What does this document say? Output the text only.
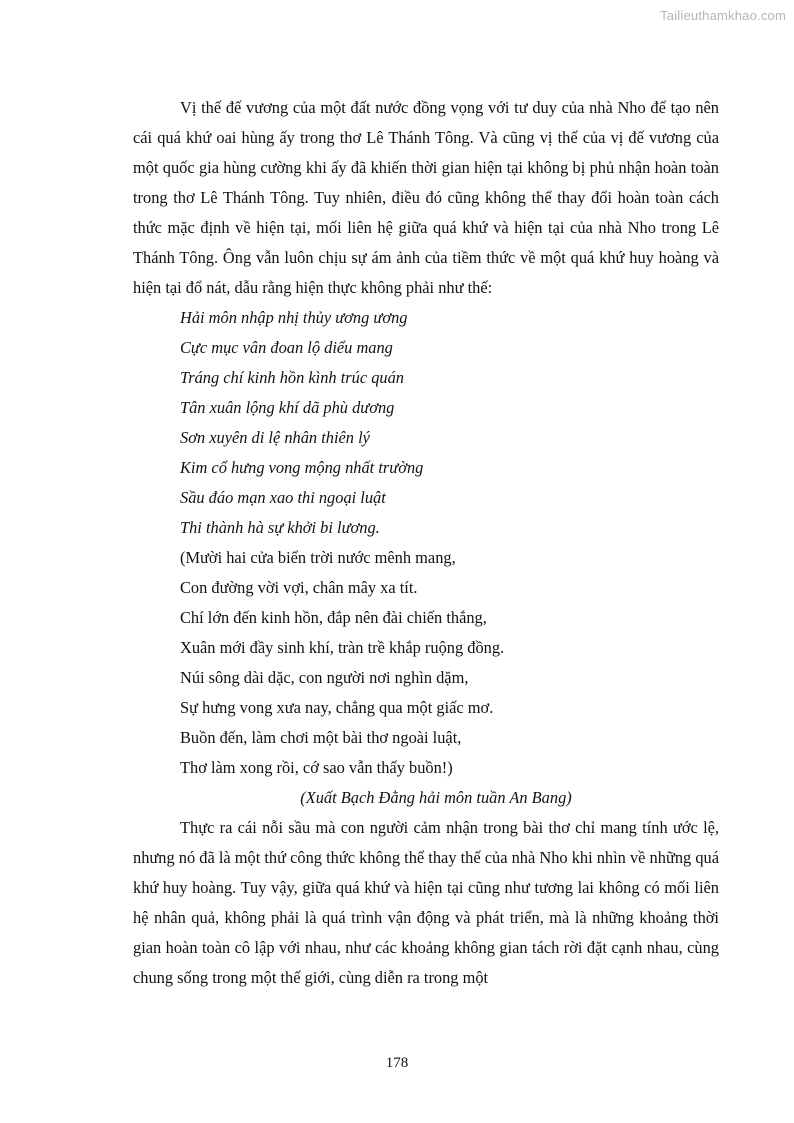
Tailieuthamkhao.com

Vị thế đế vương của một đất nước đồng vọng với tư duy của nhà Nho để tạo nên cái quá khứ oai hùng ấy trong thơ Lê Thánh Tông. Và cũng vị thế của vị đế vương của một quốc gia hùng cường khi ấy đã khiến thời gian hiện tại không bị phủ nhận hoàn toàn trong thơ Lê Thánh Tông. Tuy nhiên, điều đó cũng không thể thay đổi hoàn toàn cách thức mặc định về hiện tại, mối liên hệ giữa quá khứ và hiện tại của nhà Nho trong Lê Thánh Tông. Ông vẫn luôn chịu sự ám ảnh của tiềm thức về một quá khứ huy hoàng và hiện tại đổ nát, dẫu rằng hiện thực không phải như thế:

Hải môn nhập nhị thủy ương ương
Cực mục vân đoan lộ diểu mang
Tráng chí kinh hồn kình trúc quán
Tân xuân lộng khí dã phù dương
Sơn xuyên di lệ nhân thiên lý
Kim cổ hưng vong mộng nhất trường
Sầu đáo mạn xao thi ngoại luật
Thi thành hà sự khởi bi lương.
(Mười hai cửa biển trời nước mênh mang,
Con đường vời vợi, chân mây xa tít.
Chí lớn đến kinh hồn, đắp nên đài chiến thắng,
Xuân mới đầy sinh khí, tràn trề khắp ruộng đồng.
Núi sông dài dặc, con người nơi nghìn dặm,
Sự hưng vong xưa nay, chẳng qua một giấc mơ.
Buồn đến, làm chơi một bài thơ ngoài luật,
Thơ làm xong rồi, cớ sao vẫn thấy buồn!)

(Xuất Bạch Đằng hải môn tuần An Bang)

Thực ra cái nỗi sầu mà con người cảm nhận trong bài thơ chỉ mang tính ước lệ, nhưng nó đã là một thứ công thức không thể thay thế của nhà Nho khi nhìn về những quá khứ huy hoàng. Tuy vậy, giữa quá khứ và hiện tại cũng như tương lai không có mối liên hệ nhân quả, không phải là quá trình vận động và phát triển, mà là những khoảng thời gian hoàn toàn cô lập với nhau, như các khoảng không gian tách rời đặt cạnh nhau, cùng chung sống trong một thế giới, cùng diễn ra trong một

178
